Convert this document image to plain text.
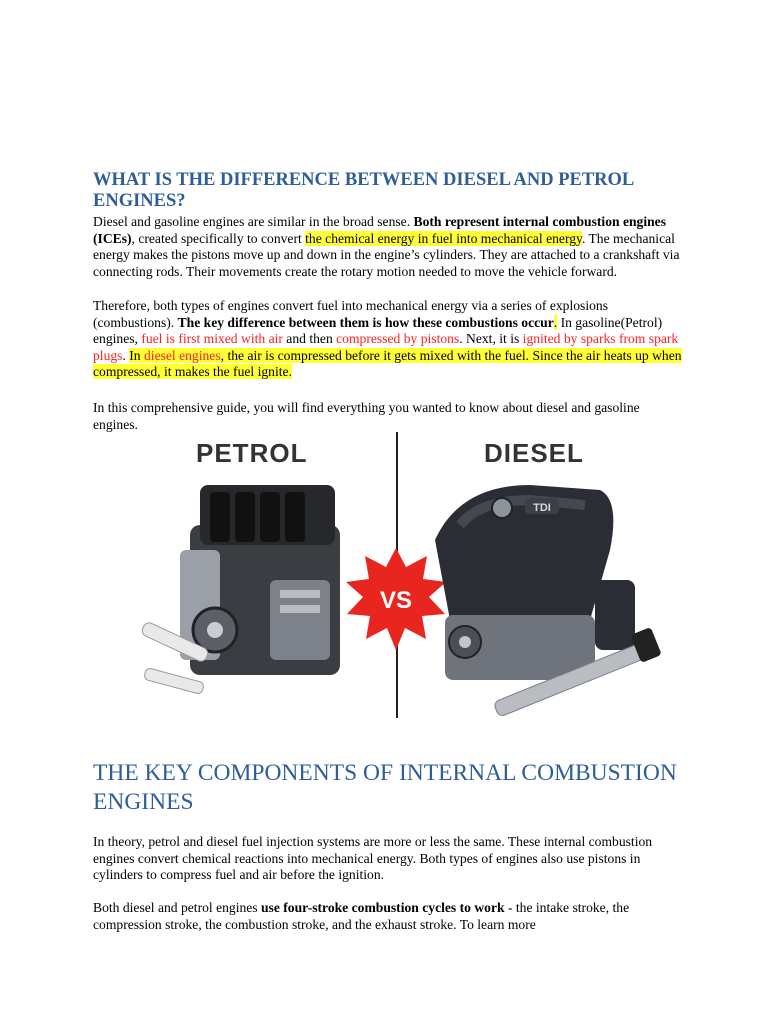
WHAT IS THE DIFFERENCE BETWEEN DIESEL AND PETROL ENGINES?

Diesel and gasoline engines are similar in the broad sense. Both represent internal combustion engines (ICEs), created specifically to convert the chemical energy in fuel into mechanical energy. The mechanical energy makes the pistons move up and down in the engine’s cylinders. They are attached to a crankshaft via connecting rods. Their movements create the rotary motion needed to move the vehicle forward.

Therefore, both types of engines convert fuel into mechanical energy via a series of explosions (combustions). The key difference between them is how these combustions occur. In gasoline(Petrol) engines, fuel is first mixed with air and then compressed by pistons. Next, it is ignited by sparks from spark plugs. In diesel engines, the air is compressed before it gets mixed with the fuel. Since the air heats up when compressed, it makes the fuel ignite.

In this comprehensive guide, you will find everything you wanted to know about diesel and gasoline engines.

PETROL	DIESEL
VS
TDI
THE KEY COMPONENTS OF INTERNAL COMBUSTION ENGINES

In theory, petrol and diesel fuel injection systems are more or less the same. These internal combustion engines convert chemical reactions into mechanical energy. Both types of engines also use pistons in cylinders to compress fuel and air before the ignition.

Both diesel and petrol engines use four-stroke combustion cycles to work - the intake stroke, the compression stroke, the combustion stroke, and the exhaust stroke. To learn more
